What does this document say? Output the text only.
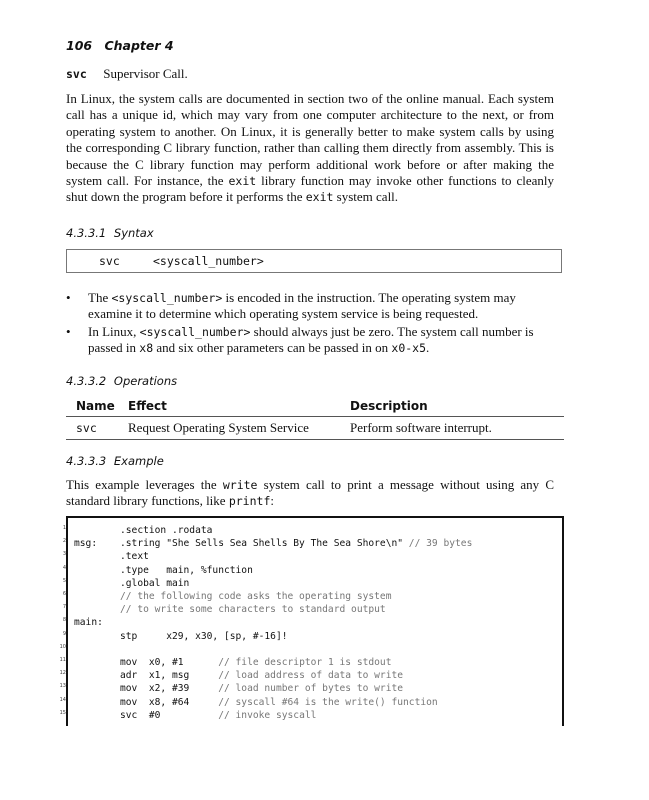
106 Chapter 4
svc Supervisor Call.

In Linux, the system calls are documented in section two of the online manual. Each system call has a unique id, which may vary from one computer architecture to the next, or from operating system to another. On Linux, it is generally better to make system calls by using the corresponding C library function, rather than calling them directly from assembly. This is because the C library function may perform additional work before or after making the system call. For instance, the exit library function may invoke other functions to cleanly shut down the program before it performs the exit system call.

4.3.3.1 Syntax
svc	<syscall_number>
• The <syscall_number> is encoded in the instruction. The operating system may examine it to determine which operating system service is being requested.
• In Linux, <syscall_number> should always just be zero. The system call number is passed in x8 and six other parameters can be passed in on x0-x5.
4.3.3.2 Operations
Name	Effect	Description
svc	Request Operating System Service	Perform software interrupt.
4.3.3.3 Example

This example leverages the write system call to print a message without using any C standard library functions, like printf:

.section .rodata
msg: .string "She Sells Sea Shells By The Sea Shore\n" // 39 bytes
.text
.type   main, %function
.global main
// the following code asks the operating system
// to write some characters to standard output
main:
stp     x29, x30, [sp, #-16]!
mov  x0, #1      // file descriptor 1 is stdout
adr  x1, msg     // load address of data to write
mov  x2, #39     // load number of bytes to write
mov  x8, #64     // syscall #64 is the write() function
svc  #0          // invoke syscall
1
2
3
4
5
6
7
8
9
10
11
12
13
14
15
